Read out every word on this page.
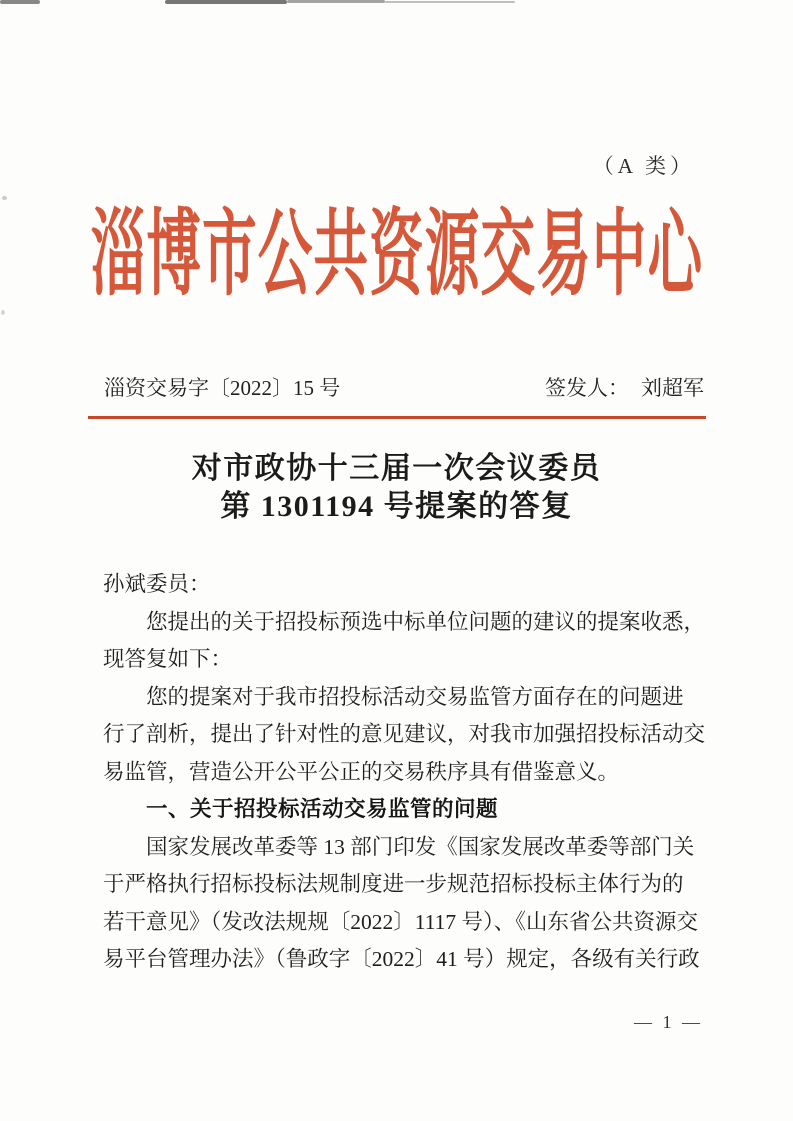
（A 类）
淄博市公共资源交易中心
淄资交易字〔2022〕15 号	签发人： 刘超军
对市政协十三届一次会议委员
第 1301194 号提案的答复
孙斌委员：
您提出的关于招投标预选中标单位问题的建议的提案收悉，
现答复如下：
您的提案对于我市招投标活动交易监管方面存在的问题进
行了剖析，提出了针对性的意见建议，对我市加强招投标活动交
易监管，营造公开公平公正的交易秩序具有借鉴意义。
一、关于招投标活动交易监管的问题
国家发展改革委等 13 部门印发《国家发展改革委等部门关
于严格执行招标投标法规制度进一步规范招标投标主体行为的
若干意见》（发改法规规〔2022〕1117 号）、《山东省公共资源交
易平台管理办法》（鲁政字〔2022〕41 号）规定，各级有关行政
— 1 —
